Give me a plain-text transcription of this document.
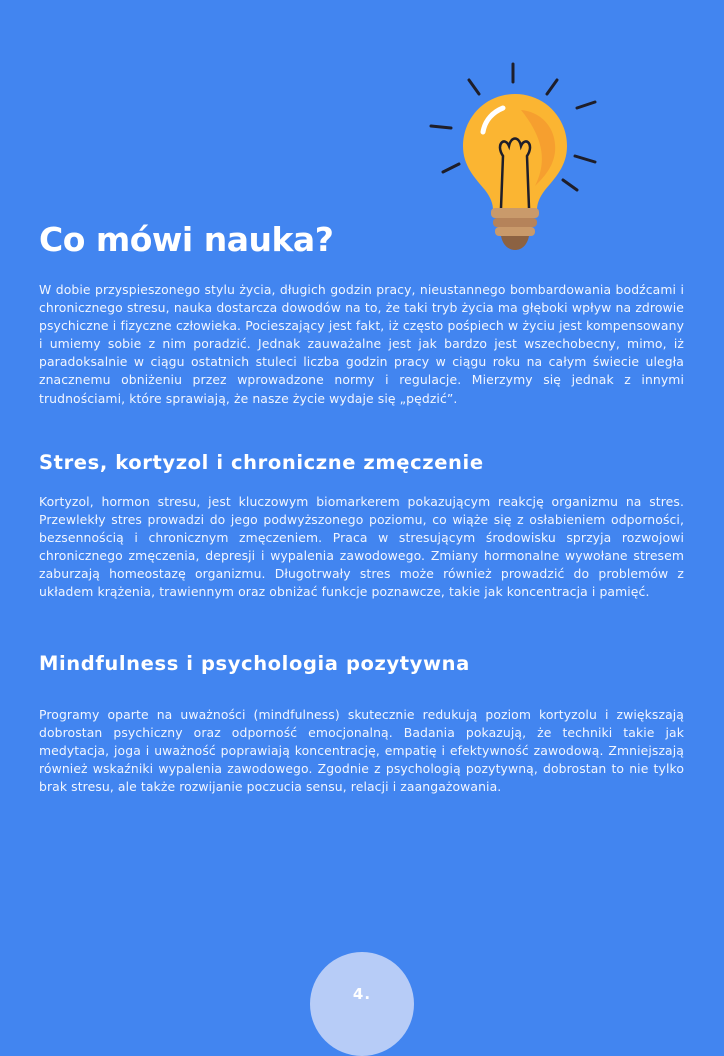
Co mówi nauka?

W dobie przyspieszonego stylu życia, długich godzin pracy, nieustannego bombardowania bodźcami i chronicznego stresu, nauka dostarcza dowodów na to, że taki tryb życia ma głęboki wpływ na zdrowie psychiczne i fizyczne człowieka. Pocieszający jest fakt, iż często pośpiech w życiu jest kompensowany i umiemy sobie z nim poradzić. Jednak zauważalne jest jak bardzo jest wszechobecny, mimo, iż paradoksalnie w ciągu ostatnich stuleci liczba godzin pracy w ciągu roku na całym świecie uległa znacznemu obniżeniu przez wprowadzone normy i regulacje. Mierzymy się jednak z innymi trudnościami, które sprawiają, że nasze życie wydaje się „pędzić”.

Stres, kortyzol i chroniczne zmęczenie

Kortyzol, hormon stresu, jest kluczowym biomarkerem pokazującym reakcję organizmu na stres. Przewlekły stres prowadzi do jego podwyższonego poziomu, co wiąże się z osłabieniem odporności, bezsennością i chronicznym zmęczeniem. Praca w stresującym środowisku sprzyja rozwojowi chronicznego zmęczenia, depresji i wypalenia zawodowego. Zmiany hormonalne wywołane stresem zaburzają homeostazę organizmu. Długotrwały stres może również prowadzić do problemów z układem krążenia, trawiennym oraz obniżać funkcje poznawcze, takie jak koncentracja i pamięć.

Mindfulness i psychologia pozytywna

Programy oparte na uważności (mindfulness) skutecznie redukują poziom kortyzolu i zwiększają dobrostan psychiczny oraz odporność emocjonalną. Badania pokazują, że techniki takie jak medytacja, joga i uważność poprawiają koncentrację, empatię i efektywność zawodową. Zmniejszają również wskaźniki wypalenia zawodowego. Zgodnie z psychologią pozytywną, dobrostan to nie tylko brak stresu, ale także rozwijanie poczucia sensu, relacji i zaangażowania.

4.
